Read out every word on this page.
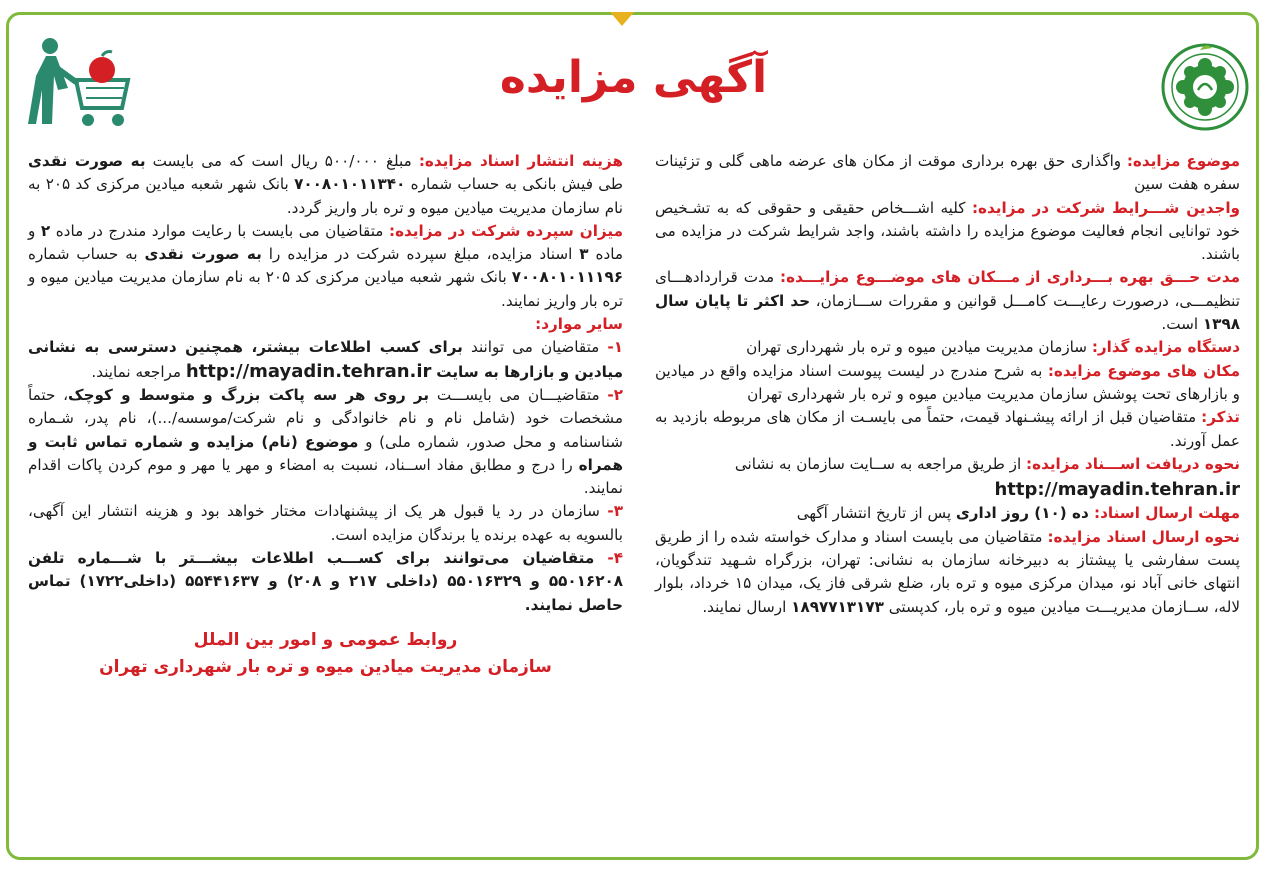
آگهی مزایده

موضوع مزایده: واگذاری حق بهره برداری موقت از مکان های عرضه ماهی گلی و تزئینات سفره هفت سین

واجدین شـــرایط شرکت در مزایده: کلیه اشـــخاص حقیقی و حقوقی که به تشـخیص خود توانایی انجام فعالیت موضوع مزایده را داشته باشند، واجد شرایط شرکت در مزایده می باشند.

مدت حـــق بهره بـــرداری از مـــکان های موضـــوع مزایـــده: مدت قراردادهـــای تنظیمـــی، درصورت رعایـــت کامـــل قوانین و مقررات ســـازمان، حد اکثر تا پایان سال ۱۳۹۸ است.

دستگاه مزایده گذار: سازمان مدیریت میادین میوه و تره بار شهرداری تهران

مکان های موضوع مزایده: به شرح مندرج در لیست پیوست اسناد مزایده واقع در میادین و بازارهای تحت پوشش سازمان مدیریت میادین میوه و تره بار شهرداری تهران

تذکر: متقاضیان قبل از ارائه پیشـنهاد قیمت، حتماً می بایسـت از مکان های مربوطه بازدید به عمل آورند.

نحوه دریافت اســـناد مزایده: از طریق مراجعه به ســایت سازمان به نشانی

http://mayadin.tehran.ir

مهلت ارسال اسناد: ده (۱۰) روز اداری پس از تاریخ انتشار آگهی

نحوه ارسال اسناد مزایده: متقاضیان می بایست اسناد و مدارک خواسته شده را از طریق پست سفارشی یا پیشتاز به دبیرخانه سازمان به نشانی: تهران، بزرگراه شـهید تندگویان، انتهای خانی آباد نو، میدان مرکزی میوه و تره بار، ضلع شرقی فاز یک، میدان ۱۵ خرداد، بلوار لاله، ســازمان مدیریـــت میادین میوه و تره بار، کدپستی ۱۸۹۷۷۱۳۱۷۳ ارسال نمایند.

هزینه انتشار اسناد مزایده: مبلغ ۵۰۰/۰۰۰ ریال است که می بایست به صورت نقدی طی فیش بانکی به حساب شماره ۷۰۰۸۰۱۰۱۱۳۴۰ بانک شهر شعبه میادین مرکزی کد ۲۰۵ به نام سازمان مدیریت میادین میوه و تره بار واریز گردد.

میزان سپرده شرکت در مزایده: متقاضیان می بایست با رعایت موارد مندرج در ماده ۲ و ماده ۳ اسناد مزایده، مبلغ سپرده شرکت در مزایده را به صورت نقدی به حساب شماره ۷۰۰۸۰۱۰۱۱۱۹۶ بانک شهر شعبه میادین مرکزی کد ۲۰۵ به نام سازمان مدیریت میادین میوه و تره بار واریز نمایند.

سایر موارد:

۱- متقاضیان می توانند برای کسب اطلاعات بیشتر، همچنین دسترسی به نشانی میادین و بازارها به سایت http://mayadin.tehran.ir مراجعه نمایند.

۲- متقاضیـــان می بایســـت بر روی هر سه پاکت بزرگ و متوسط و کوچک، حتماً مشخصات خود (شامل نام و نام خانوادگی و نام شرکت/موسسه/...)، نام پدر، شـماره شناسنامه و محل صدور، شماره ملی) و موضوع (نام) مزایده و شماره تماس ثابت و همراه را درج و مطابق مفاد اســناد، نسبت به امضاء و مهر یا مهر و موم کردن پاکات اقدام نمایند.

۳- سازمان در رد یا قبول هر یک از پیشنهادات مختار خواهد بود و هزینه انتشار این آگهی، بالسویه به عهده برنده یا برندگان مزایده است.

۴- متقاضیان می‌توانند برای کســـب اطلاعات بیشـــتر با شـــماره تلفن ۵۵۰۱۶۲۰۸ و ۵۵۰۱۶۳۲۹ (داخلی ۲۱۷ و ۲۰۸) و ۵۵۴۴۱۶۳۷ (داخلی۱۷۲۲) تماس حاصل نمایند.

روابط عمومی و امور بین الملل
سازمان مدیریت میادین میوه و تره بار شهرداری تهران
